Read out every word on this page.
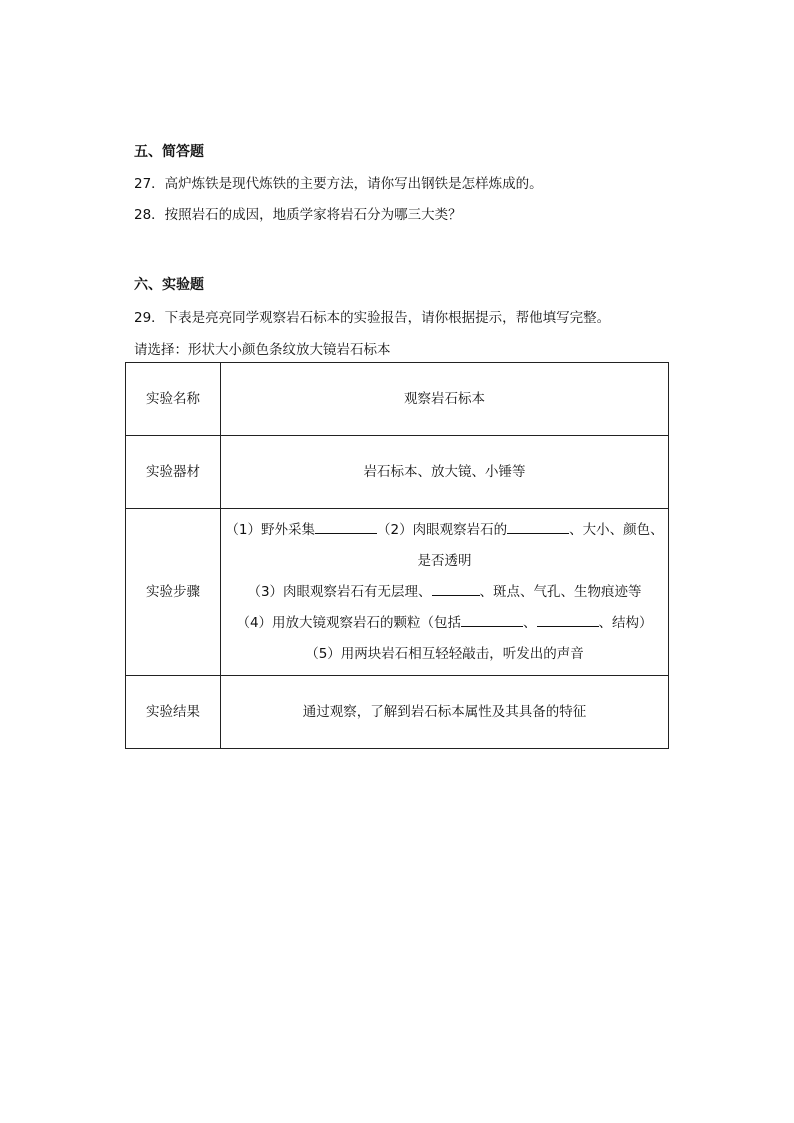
五、简答题
27．高炉炼铁是现代炼铁的主要方法，请你写出钢铁是怎样炼成的。
28．按照岩石的成因，地质学家将岩石分为哪三大类？
六、实验题
29．下表是亮亮同学观察岩石标本的实验报告，请你根据提示，帮他填写完整。
请选择：形状大小颜色条纹放大镜岩石标本
实验名称	观察岩石标本
实验器材	岩石标本、放大镜、小锤等
实验步骤	（1）野外采集 （2）肉眼观察岩石的 、大小、颜色、是否透明
（3）肉眼观察岩石有无层理、 、斑点、气孔、生物痕迹等
（4）用放大镜观察岩石的颗粒（包括 、 、结构）
（5）用两块岩石相互轻轻敲击，听发出的声音

实验结果	通过观察，了解到岩石标本属性及其具备的特征
